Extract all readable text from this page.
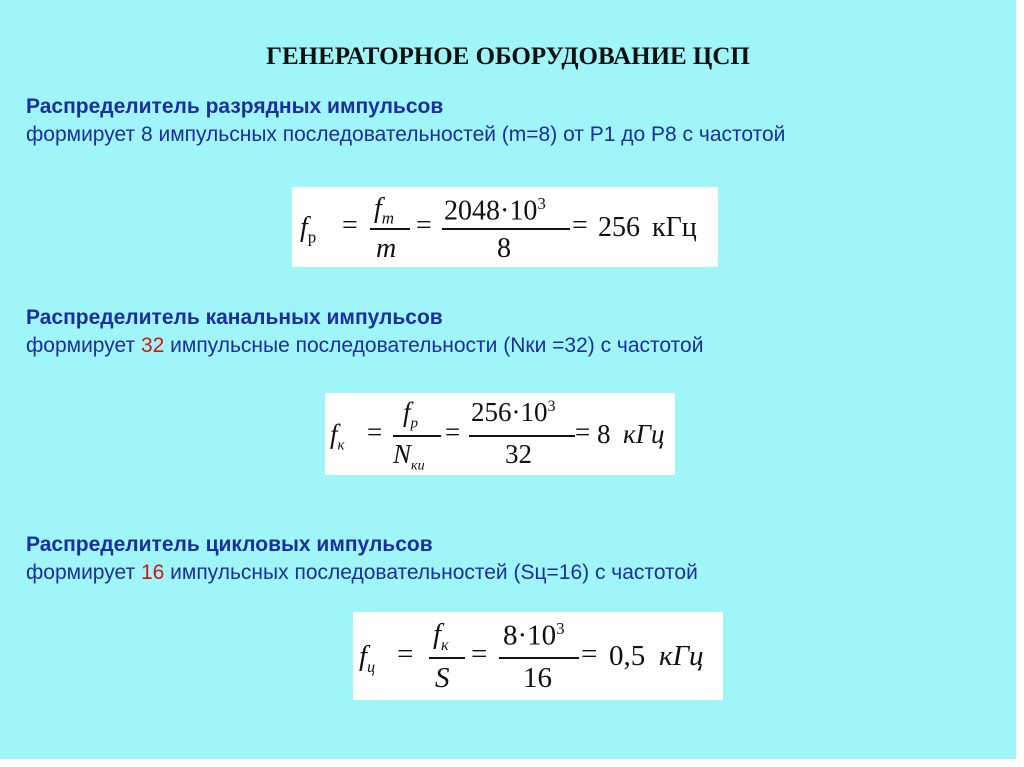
ГЕНЕРАТОРНОЕ ОБОРУДОВАНИЕ ЦСП
Распределитель разрядных импульсов
формирует 8 импульсных последовательностей (m=8) от Р1 до Р8 с частотой
$f_р$ =
$f_m$
m
= $2048\cdot 10^3$
8
= 256 кГц
Распределитель канальных импульсов
формирует 32 импульсные последовательности (Nки =32) с частотой
$f_к$ =
$f_р$
$N_{ки}$
=
$256\cdot 10^3$
32
= 8 кГц
Распределитель цикловых импульсов
формирует 16 импульсных последовательностей (Sц=16) с частотой
$f_ц$ =
$f_к$
S
=
$8\cdot 10^3$
16
= 0,5 кГц
